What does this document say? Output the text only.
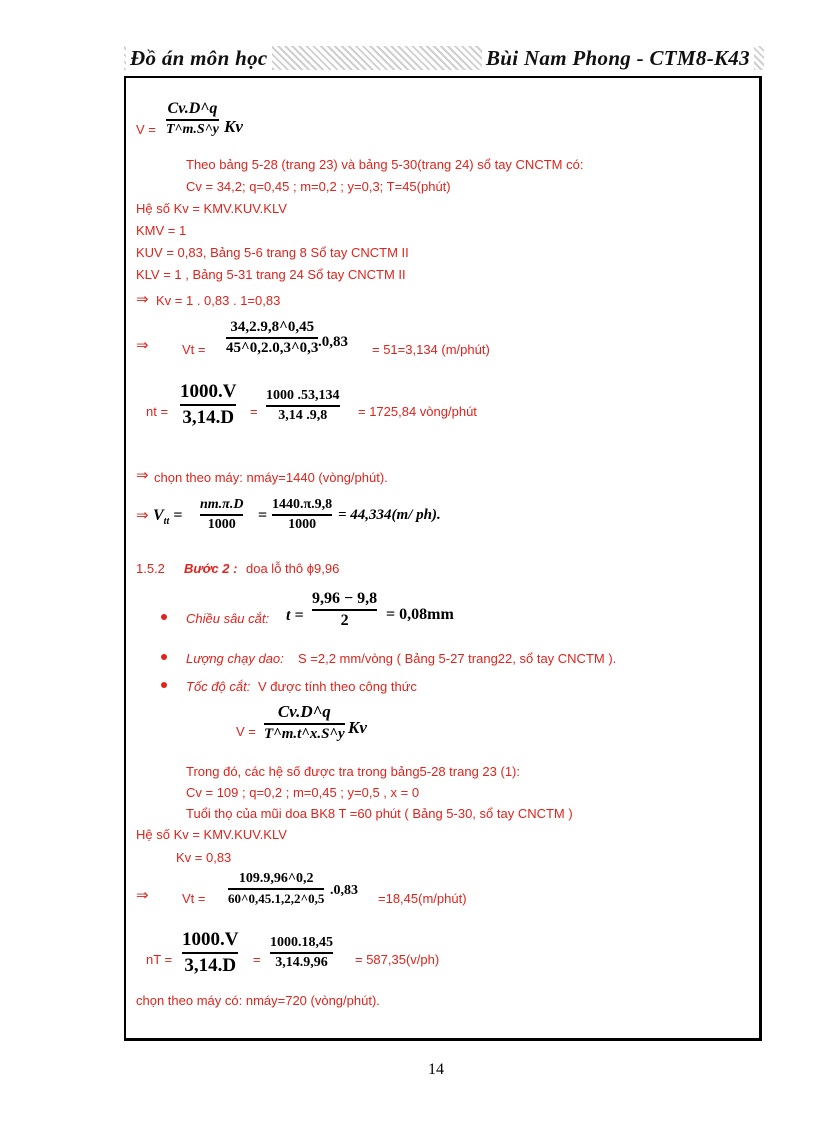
Đồ án môn học	Bùi Nam Phong - CTM8-K43
V =
Cv.D^q
T^m.S^y Kv
Theo bảng 5-28 (trang 23) và bảng 5-30(trang 24) sổ tay CNCTM có:
Cv = 34,2; q=0,45 ; m=0,2 ; y=0,3; T=45(phút)
Hệ số Kv = KMV.KUV.KLV
KMV = 1
KUV = 0,83, Bảng 5-6 trang 8 Sổ tay CNCTM II
KLV = 1 , Bảng 5-31 trang 24 Sổ tay CNCTM II
⇒ Kv = 1 . 0,83 . 1=0,83
⇒	Vt =
34,2.9,8^0,45
45^0,2.0,3^0,3 .0,83 = 51=3,134 (m/phút)
nt =
1000.V
3,14.D =
1000 .53,134
3,14 .9,8 = 1725,84 vòng/phút
⇒ chọn theo máy: nmáy=1440 (vòng/phút).
⇒ $V_{tt}$ =
nm.π.D
1000 =
1440.π.9,8
1000
= 44,334(m/ ph).
1.5.2 Bước 2 : doa lỗ thô ϕ9,96
Chiều sâu cắt: t =
9,96 − 9,8
2 = 0,08mm
Lượng chạy dao: S =2,2 mm/vòng ( Bảng 5-27 trang22, sổ tay CNCTM ).
Tốc độ cắt: V được tính theo công thức
V =
Cv.D^q
T^m.t^x.S^y Kv
Trong đó, các hệ số được tra trong bảng5-28 trang 23 (1):
Cv = 109 ; q=0,2 ; m=0,45 ; y=0,5 , x = 0
Tuổi thọ của mũi doa BK8 T =60 phút ( Bảng 5-30, sổ tay CNCTM )
Hệ số Kv = KMV.KUV.KLV
Kv = 0,83
⇒	Vt =
109.9,96^0,2
60^0,45.1,2,2^0,5 .0,83
=18,45(m/phút)
nT =
1000.V
3,14.D =
1000.18,45
3,14.9,96 = 587,35(v/ph)
chọn theo máy có: nmáy=720 (vòng/phút).
14
